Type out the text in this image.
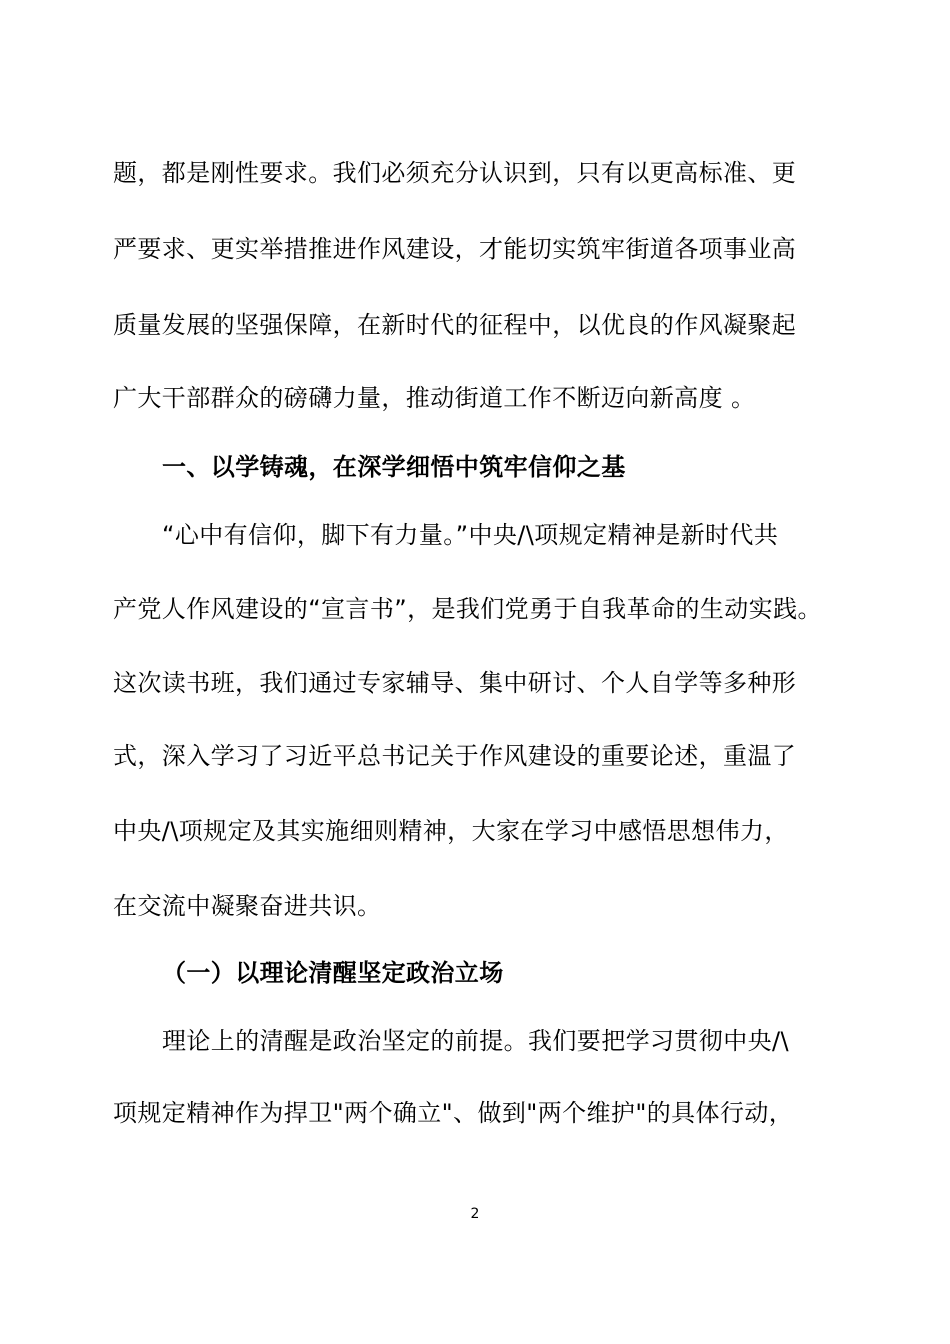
题，都是刚性要求。我们必须充分认识到，只有以更高标准、更
严要求、更实举措推进作风建设，才能切实筑牢街道各项事业高
质量发展的坚强保障，在新时代的征程中，以优良的作风凝聚起
广大干部群众的磅礴力量，推动街道工作不断迈向新高度 。
一、以学铸魂，在深学细悟中筑牢信仰之基
“心中有信仰，脚下有力量。”中央/\项规定精神是新时代共
产党人作风建设的“宣言书”，是我们党勇于自我革命的生动实践。
这次读书班，我们通过专家辅导、集中研讨、个人自学等多种形
式，深入学习了习近平总书记关于作风建设的重要论述，重温了
中央/\项规定及其实施细则精神，大家在学习中感悟思想伟力，
在交流中凝聚奋进共识。
（一）以理论清醒坚定政治立场
理论上的清醒是政治坚定的前提。我们要把学习贯彻中央/\
项规定精神作为捍卫"两个确立"、做到"两个维护"的具体行动，
2
